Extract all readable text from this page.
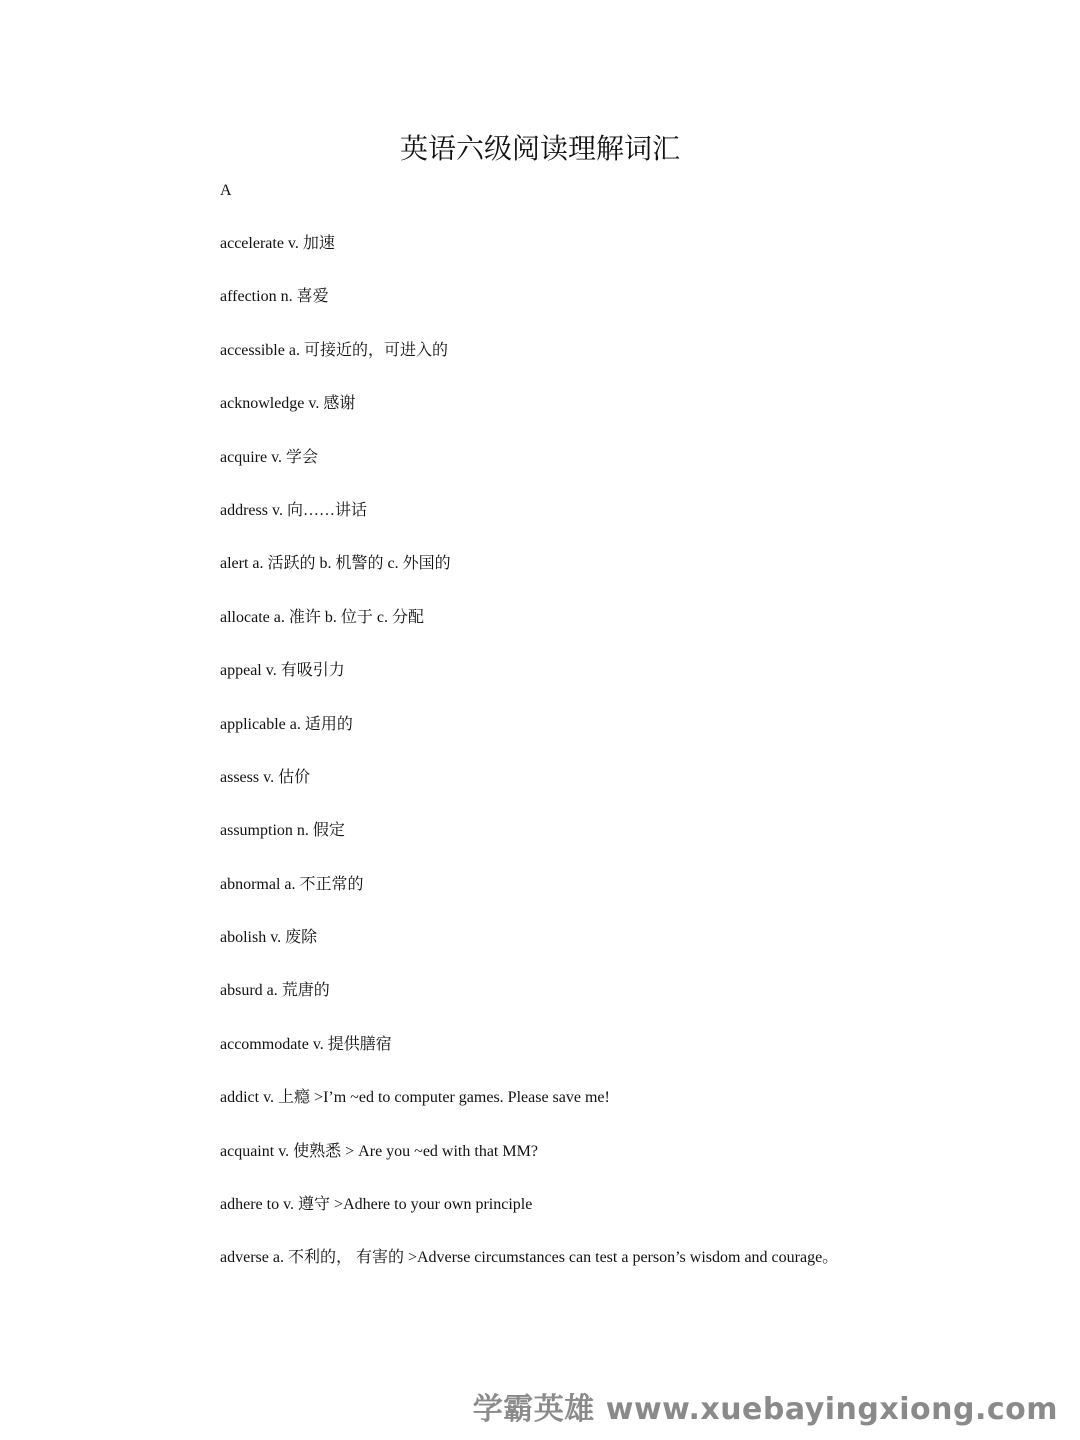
英语六级阅读理解词汇
A
accelerate v. 加速
affection n. 喜爱
accessible a. 可接近的，可进入的
acknowledge v. 感谢
acquire v. 学会
address v. 向……讲话
alert a. 活跃的 b. 机警的 c. 外国的
allocate a. 准许 b. 位于 c. 分配
appeal v. 有吸引力
applicable a. 适用的
assess v. 估价
assumption n. 假定
abnormal a. 不正常的
abolish v. 废除
absurd a. 荒唐的
accommodate v. 提供膳宿
addict v. 上瘾 >I’m ~ed to computer games. Please save me!
acquaint v. 使熟悉 > Are you ~ed with that MM?
adhere to v. 遵守 >Adhere to your own principle
adverse a. 不利的， 有害的 >Adverse circumstances can test a person’s wisdom and courage。
学霸英雄 www.xuebayingxiong.com
